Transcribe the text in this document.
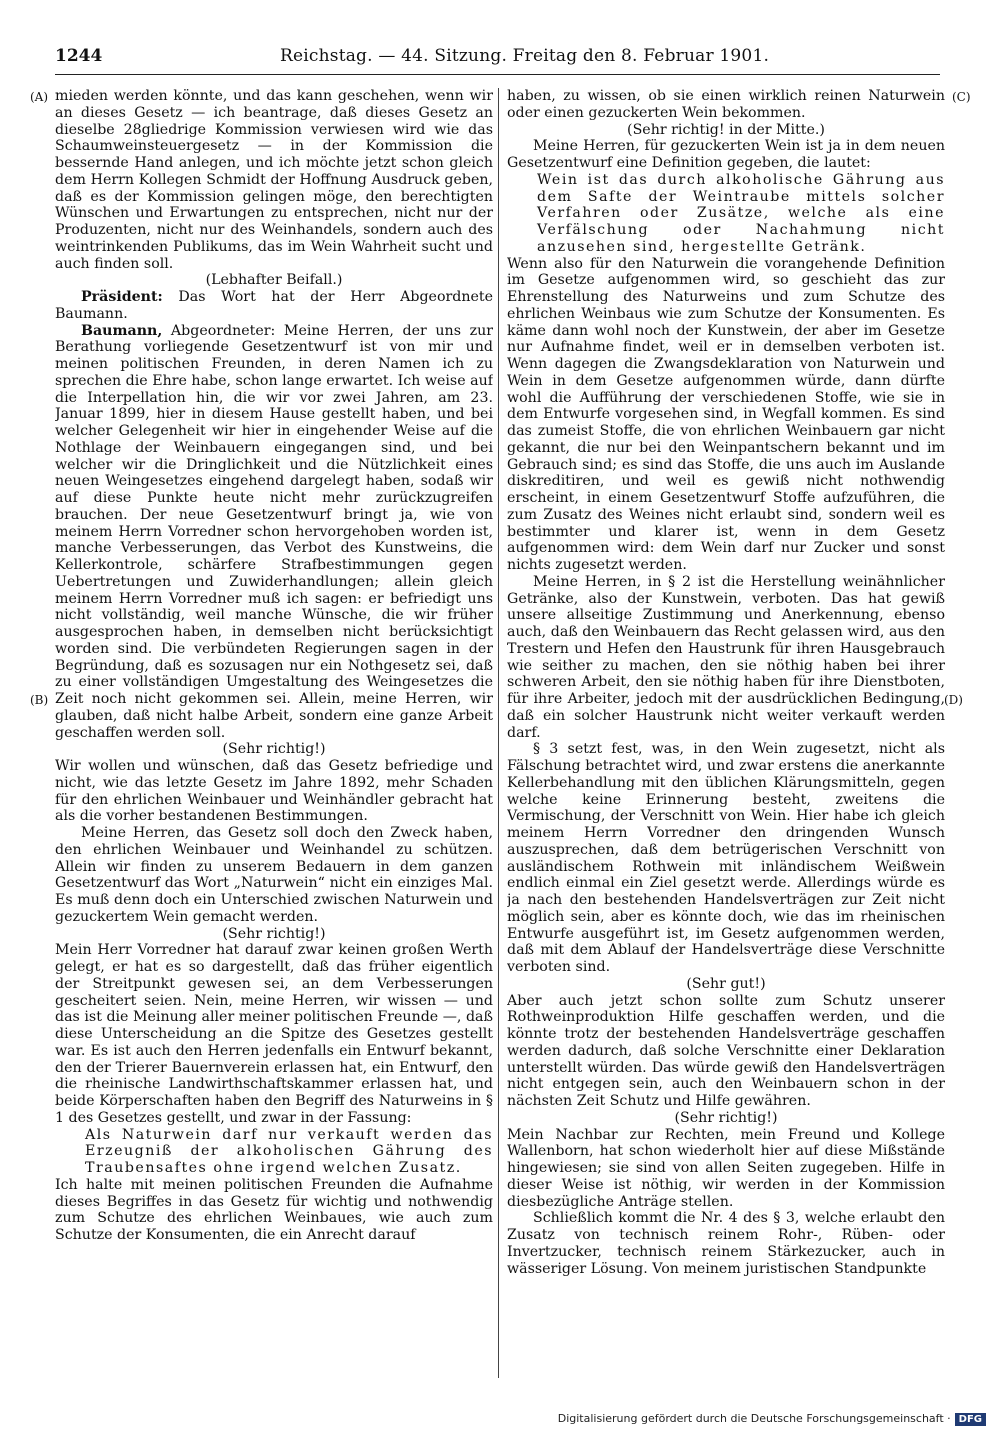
1244	Reichstag. — 44. Sitzung. Freitag den 8. Februar 1901.
(A)
(B)
(C)
(D)

mieden werden könnte, und das kann geschehen, wenn wir an dieses Gesetz — ich beantrage, daß dieses Gesetz an dieselbe 28gliedrige Kommission verwiesen wird wie das Schaumweinsteuergesetz — in der Kommission die bessernde Hand anlegen, und ich möchte jetzt schon gleich dem Herrn Kollegen Schmidt der Hoffnung Ausdruck geben, daß es der Kommission gelingen möge, den berechtigten Wünschen und Erwartungen zu entsprechen, nicht nur der Produzenten, nicht nur des Weinhandels, sondern auch des weintrinkenden Publikums, das im Wein Wahrheit sucht und auch finden soll.

(Lebhafter Beifall.)

Präsident: Das Wort hat der Herr Abgeordnete Baumann.

Baumann, Abgeordneter: Meine Herren, der uns zur Berathung vorliegende Gesetzentwurf ist von mir und meinen politischen Freunden, in deren Namen ich zu sprechen die Ehre habe, schon lange erwartet. Ich weise auf die Interpellation hin, die wir vor zwei Jahren, am 23. Januar 1899, hier in diesem Hause gestellt haben, und bei welcher Gelegenheit wir hier in eingehender Weise auf die Nothlage der Weinbauern eingegangen sind, und bei welcher wir die Dringlichkeit und die Nützlichkeit eines neuen Weingesetzes eingehend dargelegt haben, sodaß wir auf diese Punkte heute nicht mehr zurückzugreifen brauchen. Der neue Gesetzentwurf bringt ja, wie von meinem Herrn Vorredner schon hervorgehoben worden ist, manche Verbesserungen, das Verbot des Kunstweins, die Kellerkontrole, schärfere Strafbestimmungen gegen Uebertretungen und Zuwiderhandlungen; allein gleich meinem Herrn Vorredner muß ich sagen: er befriedigt uns nicht vollständig, weil manche Wünsche, die wir früher ausgesprochen haben, in demselben nicht berücksichtigt worden sind. Die verbündeten Regierungen sagen in der Begründung, daß es sozusagen nur ein Nothgesetz sei, daß zu einer vollständigen Umgestaltung des Weingesetzes die Zeit noch nicht gekommen sei. Allein, meine Herren, wir glauben, daß nicht halbe Arbeit, sondern eine ganze Arbeit geschaffen werden soll.

(Sehr richtig!)

Wir wollen und wünschen, daß das Gesetz befriedige und nicht, wie das letzte Gesetz im Jahre 1892, mehr Schaden für den ehrlichen Weinbauer und Weinhändler gebracht hat als die vorher bestandenen Bestimmungen.

Meine Herren, das Gesetz soll doch den Zweck haben, den ehrlichen Weinbauer und Weinhandel zu schützen. Allein wir finden zu unserem Bedauern in dem ganzen Gesetzentwurf das Wort „Naturwein“ nicht ein einziges Mal. Es muß denn doch ein Unterschied zwischen Naturwein und gezuckertem Wein gemacht werden.

(Sehr richtig!)

Mein Herr Vorredner hat darauf zwar keinen großen Werth gelegt, er hat es so dargestellt, daß das früher eigentlich der Streitpunkt gewesen sei, an dem Verbesserungen gescheitert seien. Nein, meine Herren, wir wissen — und das ist die Meinung aller meiner politischen Freunde —, daß diese Unterscheidung an die Spitze des Gesetzes gestellt war. Es ist auch den Herren jedenfalls ein Entwurf bekannt, den der Trierer Bauernverein erlassen hat, ein Entwurf, den die rheinische Landwirthschaftskammer erlassen hat, und beide Körperschaften haben den Begriff des Naturweins in § 1 des Gesetzes gestellt, und zwar in der Fassung:

Als Naturwein darf nur verkauft werden das Erzeugniß der alkoholischen Gährung des Traubensaftes ohne irgend welchen Zusatz.

Ich halte mit meinen politischen Freunden die Aufnahme dieses Begriffes in das Gesetz für wichtig und nothwendig zum Schutze des ehrlichen Weinbaues, wie auch zum Schutze der Konsumenten, die ein Anrecht darauf

haben, zu wissen, ob sie einen wirklich reinen Naturwein oder einen gezuckerten Wein bekommen.

(Sehr richtig! in der Mitte.)

Meine Herren, für gezuckerten Wein ist ja in dem neuen Gesetzentwurf eine Definition gegeben, die lautet:

Wein ist das durch alkoholische Gährung aus dem Safte der Weintraube mittels solcher Verfahren oder Zusätze, welche als eine Verfälschung oder Nachahmung nicht anzusehen sind, hergestellte Getränk.

Wenn also für den Naturwein die vorangehende Definition im Gesetze aufgenommen wird, so geschieht das zur Ehrenstellung des Naturweins und zum Schutze des ehrlichen Weinbaus wie zum Schutze der Konsumenten. Es käme dann wohl noch der Kunstwein, der aber im Gesetze nur Aufnahme findet, weil er in demselben verboten ist. Wenn dagegen die Zwangsdeklaration von Naturwein und Wein in dem Gesetze aufgenommen würde, dann dürfte wohl die Aufführung der verschiedenen Stoffe, wie sie in dem Entwurfe vorgesehen sind, in Wegfall kommen. Es sind das zumeist Stoffe, die von ehrlichen Weinbauern gar nicht gekannt, die nur bei den Weinpantschern bekannt und im Gebrauch sind; es sind das Stoffe, die uns auch im Auslande diskreditiren, und weil es gewiß nicht nothwendig erscheint, in einem Gesetzentwurf Stoffe aufzuführen, die zum Zusatz des Weines nicht erlaubt sind, sondern weil es bestimmter und klarer ist, wenn in dem Gesetz aufgenommen wird: dem Wein darf nur Zucker und sonst nichts zugesetzt werden.

Meine Herren, in § 2 ist die Herstellung weinähnlicher Getränke, also der Kunstwein, verboten. Das hat gewiß unsere allseitige Zustimmung und Anerkennung, ebenso auch, daß den Weinbauern das Recht gelassen wird, aus den Trestern und Hefen den Haustrunk für ihren Hausgebrauch wie seither zu machen, den sie nöthig haben bei ihrer schweren Arbeit, den sie nöthig haben für ihre Dienstboten, für ihre Arbeiter, jedoch mit der ausdrücklichen Bedingung, daß ein solcher Haustrunk nicht weiter verkauft werden darf.

§ 3 setzt fest, was, in den Wein zugesetzt, nicht als Fälschung betrachtet wird, und zwar erstens die anerkannte Kellerbehandlung mit den üblichen Klärungsmitteln, gegen welche keine Erinnerung besteht, zweitens die Vermischung, der Verschnitt von Wein. Hier habe ich gleich meinem Herrn Vorredner den dringenden Wunsch auszusprechen, daß dem betrügerischen Verschnitt von ausländischem Rothwein mit inländischem Weißwein endlich einmal ein Ziel gesetzt werde. Allerdings würde es ja nach den bestehenden Handelsverträgen zur Zeit nicht möglich sein, aber es könnte doch, wie das im rheinischen Entwurfe ausgeführt ist, im Gesetz aufgenommen werden, daß mit dem Ablauf der Handelsverträge diese Verschnitte verboten sind.

(Sehr gut!)

Aber auch jetzt schon sollte zum Schutz unserer Rothweinproduktion Hilfe geschaffen werden, und die könnte trotz der bestehenden Handelsverträge geschaffen werden dadurch, daß solche Verschnitte einer Deklaration unterstellt würden. Das würde gewiß den Handelsverträgen nicht entgegen sein, auch den Weinbauern schon in der nächsten Zeit Schutz und Hilfe gewähren.

(Sehr richtig!)

Mein Nachbar zur Rechten, mein Freund und Kollege Wallenborn, hat schon wiederholt hier auf diese Mißstände hingewiesen; sie sind von allen Seiten zugegeben. Hilfe in dieser Weise ist nöthig, wir werden in der Kommission diesbezügliche Anträge stellen.

Schließlich kommt die Nr. 4 des § 3, welche erlaubt den Zusatz von technisch reinem Rohr-, Rüben- oder Invertzucker, technisch reinem Stärkezucker, auch in wässeriger Lösung. Von meinem juristischen Standpunkte

Digitalisierung gefördert durch die Deutsche Forschungsgemeinschaft · DFG
